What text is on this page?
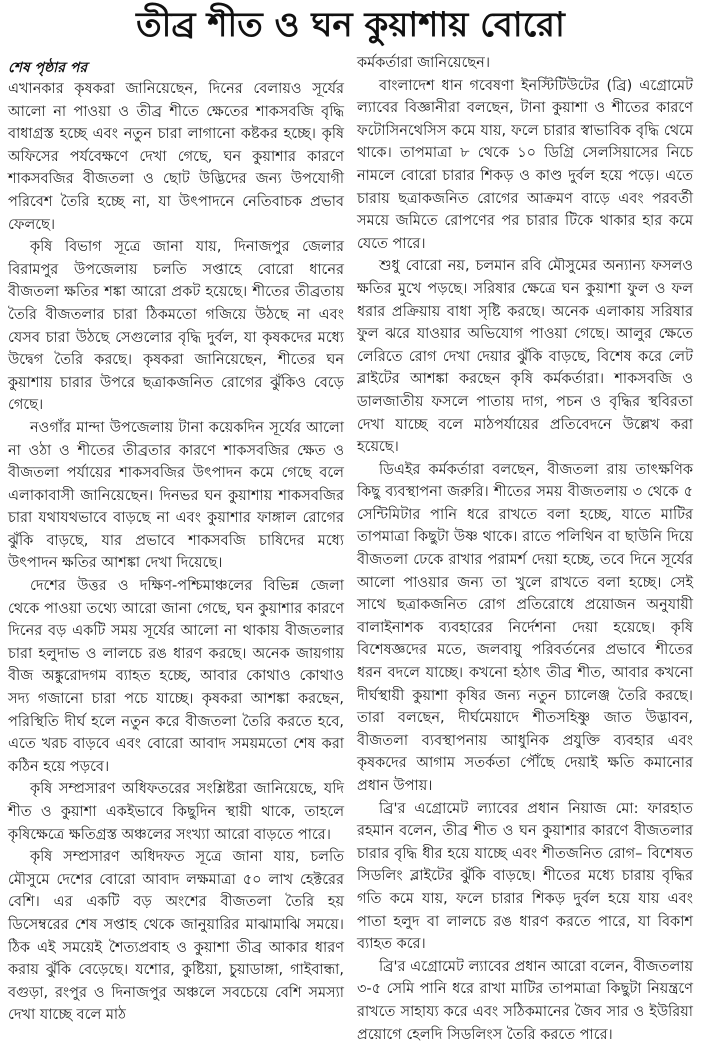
তীব্র শীত ও ঘন কুয়াশায় বোরো
শেষ পৃষ্ঠার পর

এখানকার কৃষকরা জানিয়েছেন, দিনের বেলায়ও সূর্যের আলো না পাওয়া ও তীব্র শীতে ক্ষেতের শাকসবজি বৃদ্ধি বাধাগ্রস্ত হচ্ছে এবং নতুন চারা লাগানো কষ্টকর হচ্ছে। কৃষি অফিসের পর্যবেক্ষণে দেখা গেছে, ঘন কুয়াশার কারণে শাকসবজির বীজতলা ও ছোট উদ্ভিদের জন্য উপযোগী পরিবেশ তৈরি হচ্ছে না, যা উৎপাদনে নেতিবাচক প্রভাব ফেলছে।

কৃষি বিভাগ সূত্রে জানা যায়, দিনাজপুর জেলার বিরামপুর উপজেলায় চলতি সপ্তাহে বোরো ধানের বীজতলা ক্ষতির শঙ্কা আরো প্রকট হয়েছে। শীতের তীব্রতায় তৈরি বীজতলার চারা ঠিকমতো গজিয়ে উঠছে না এবং যেসব চারা উঠছে সেগুলোর বৃদ্ধি দুর্বল, যা কৃষকদের মধ্যে উদ্বেগ তৈরি করছে। কৃষকরা জানিয়েছেন, শীতের ঘন কুয়াশায় চারার উপরে ছত্রাকজনিত রোগের ঝুঁকিও বেড়ে গেছে।

নওগাঁর মান্দা উপজেলায় টানা কয়েকদিন সূর্যের আলো না ওঠা ও শীতের তীব্রতার কারণে শাকসবজির ক্ষেত ও বীজতলা পর্যায়ের শাকসবজির উৎপাদন কমে গেছে বলে এলাকাবাসী জানিয়েছেন। দিনভর ঘন কুয়াশায় শাকসবজির চারা যথাযথভাবে বাড়ছে না এবং কুয়াশার ফাঙ্গাল রোগের ঝুঁকি বাড়ছে, যার প্রভাবে শাকসবজি চাষিদের মধ্যে উৎপাদন ক্ষতির আশঙ্কা দেখা দিয়েছে।

দেশের উত্তর ও দক্ষিণ-পশ্চিমাঞ্চলের বিভিন্ন জেলা থেকে পাওয়া তথ্যে আরো জানা গেছে, ঘন কুয়াশার কারণে দিনের বড় একটি সময় সূর্যের আলো না থাকায় বীজতলার চারা হলুদাভ ও লালচে রঙ ধারণ করছে। অনেক জায়গায় বীজ অঙ্কুরোদগম ব্যাহত হচ্ছে, আবার কোথাও কোথাও সদ্য গজানো চারা পচে যাচ্ছে। কৃষকরা আশঙ্কা করছেন, পরিস্থিতি দীর্ঘ হলে নতুন করে বীজতলা তৈরি করতে হবে, এতে খরচ বাড়বে এবং বোরো আবাদ সময়মতো শেষ করা কঠিন হয়ে পড়বে।

কৃষি সম্প্রসারণ অধিফতরের সংশ্লিষ্টরা জানিয়েছে, যদি শীত ও কুয়াশা একইভাবে কিছুদিন স্থায়ী থাকে, তাহলে কৃষিক্ষেত্রে ক্ষতিগ্রস্ত অঞ্চলের সংখ্যা আরো বাড়তে পারে।

কৃষি সম্প্রসারণ অধিদফত সূত্রে জানা যায়, চলতি মৌসুমে দেশের বোরো আবাদ লক্ষমাত্রা ৫০ লাখ হেক্টরের বেশি। এর একটি বড় অংশের বীজতলা তৈরি হয় ডিসেম্বরের শেষ সপ্তাহ থেকে জানুয়ারির মাঝামাঝি সময়ে। ঠিক এই সময়েই শৈত্যপ্রবাহ ও কুয়াশা তীব্র আকার ধারণ করায় ঝুঁকি বেড়েছে। যশোর, কুষ্টিয়া, চুয়াডাঙ্গা, গাইবান্ধা, বগুড়া, রংপুর ও দিনাজপুর অঞ্চলে সবচেয়ে বেশি সমস্যা দেখা যাচ্ছে বলে মাঠ

কর্মকর্তারা জানিয়েছেন।

বাংলাদেশ ধান গবেষণা ইনস্টিটিউটের (ব্রি) এগ্রোমেট ল্যাবের বিজ্ঞানীরা বলছেন, টানা কুয়াশা ও শীতের কারণে ফটোসিনথেসিস কমে যায়, ফলে চারার স্বাভাবিক বৃদ্ধি থেমে থাকে। তাপমাত্রা ৮ থেকে ১০ ডিগ্রি সেলসিয়াসের নিচে নামলে বোরো চারার শিকড় ও কাণ্ড দুর্বল হয়ে পড়ে। এতে চারায় ছত্রাকজনিত রোগের আক্রমণ বাড়ে এবং পরবর্তী সময়ে জমিতে রোপণের পর চারার টিকে থাকার হার কমে যেতে পারে।

শুধু বোরো নয়, চলমান রবি মৌসুমের অন্যান্য ফসলও ক্ষতির মুখে পড়ছে। সরিষার ক্ষেত্রে ঘন কুয়াশা ফুল ও ফল ধরার প্রক্রিয়ায় বাধা সৃষ্টি করছে। অনেক এলাকায় সরিষার ফুল ঝরে যাওয়ার অভিযোগ পাওয়া গেছে। আলুর ক্ষেতে লেরিতে রোগ দেখা দেয়ার ঝুঁকি বাড়ছে, বিশেষ করে লেট ব্লাইটের আশঙ্কা করছেন কৃষি কর্মকর্তারা। শাকসবজি ও ডালজাতীয় ফসলে পাতায় দাগ, পচন ও বৃদ্ধির স্থবিরতা দেখা যাচ্ছে বলে মাঠপর্যায়ের প্রতিবেদনে উল্লেখ করা হয়েছে।

ডিএইর কর্মকর্তারা বলছেন, বীজতলা রায় তাৎক্ষণিক কিছু ব্যবস্থাপনা জরুরি। শীতের সময় বীজতলায় ৩ থেকে ৫ সেন্টিমিটার পানি ধরে রাখতে বলা হচ্ছে, যাতে মাটির তাপমাত্রা কিছুটা উষ্ণ থাকে। রাতে পলিথিন বা ছাউনি দিয়ে বীজতলা ঢেকে রাখার পরামর্শ দেয়া হচ্ছে, তবে দিনে সূর্যের আলো পাওয়ার জন্য তা খুলে রাখতে বলা হচ্ছে। সেই সাথে ছত্রাকজনিত রোগ প্রতিরোধে প্রয়োজন অনুযায়ী বালাইনাশক ব্যবহারের নির্দেশনা দেয়া হয়েছে। কৃষি বিশেষজ্ঞদের মতে, জলবায়ু পরিবর্তনের প্রভাবে শীতের ধরন বদলে যাচ্ছে। কখনো হঠাৎ তীব্র শীত, আবার কখনো দীর্ঘস্থায়ী কুয়াশা কৃষির জন্য নতুন চ্যালেঞ্জ তৈরি করছে। তারা বলছেন, দীর্ঘমেয়াদে শীতসহিষ্ণু জাত উদ্ভাবন, বীজতলা ব্যবস্থাপনায় আধুনিক প্রযুক্তি ব্যবহার এবং কৃষকদের আগাম সতর্কতা পৌঁছে দেয়াই ক্ষতি কমানোর প্রধান উপায়।

ব্রি'র এগ্রোমেট ল্যাবের প্রধান নিয়াজ মো: ফারহাত রহমান বলেন, তীব্র শীত ও ঘন কুয়াশার কারণে বীজতলার চারার বৃদ্ধি ধীর হয়ে যাচ্ছে এবং শীতজনিত রোগ– বিশেষত সিডলিং ব্লাইটের ঝুঁকি বাড়ছে। শীতের মধ্যে চারায় বৃদ্ধির গতি কমে যায়, ফলে চারার শিকড় দুর্বল হয়ে যায় এবং পাতা হলুদ বা লালচে রঙ ধারণ করতে পারে, যা বিকাশ ব্যাহত করে।

ব্রি'র এগ্রোমেট ল্যাবের প্রধান আরো বলেন, বীজতলায় ৩-৫ সেমি পানি ধরে রাখা মাটির তাপমাত্রা কিছুটা নিয়ন্ত্রণে রাখতে সাহায্য করে এবং সঠিকমানের জৈব সার ও ইউরিয়া প্রয়োগে হেলদি সিডলিংস তৈরি করতে পারে।
